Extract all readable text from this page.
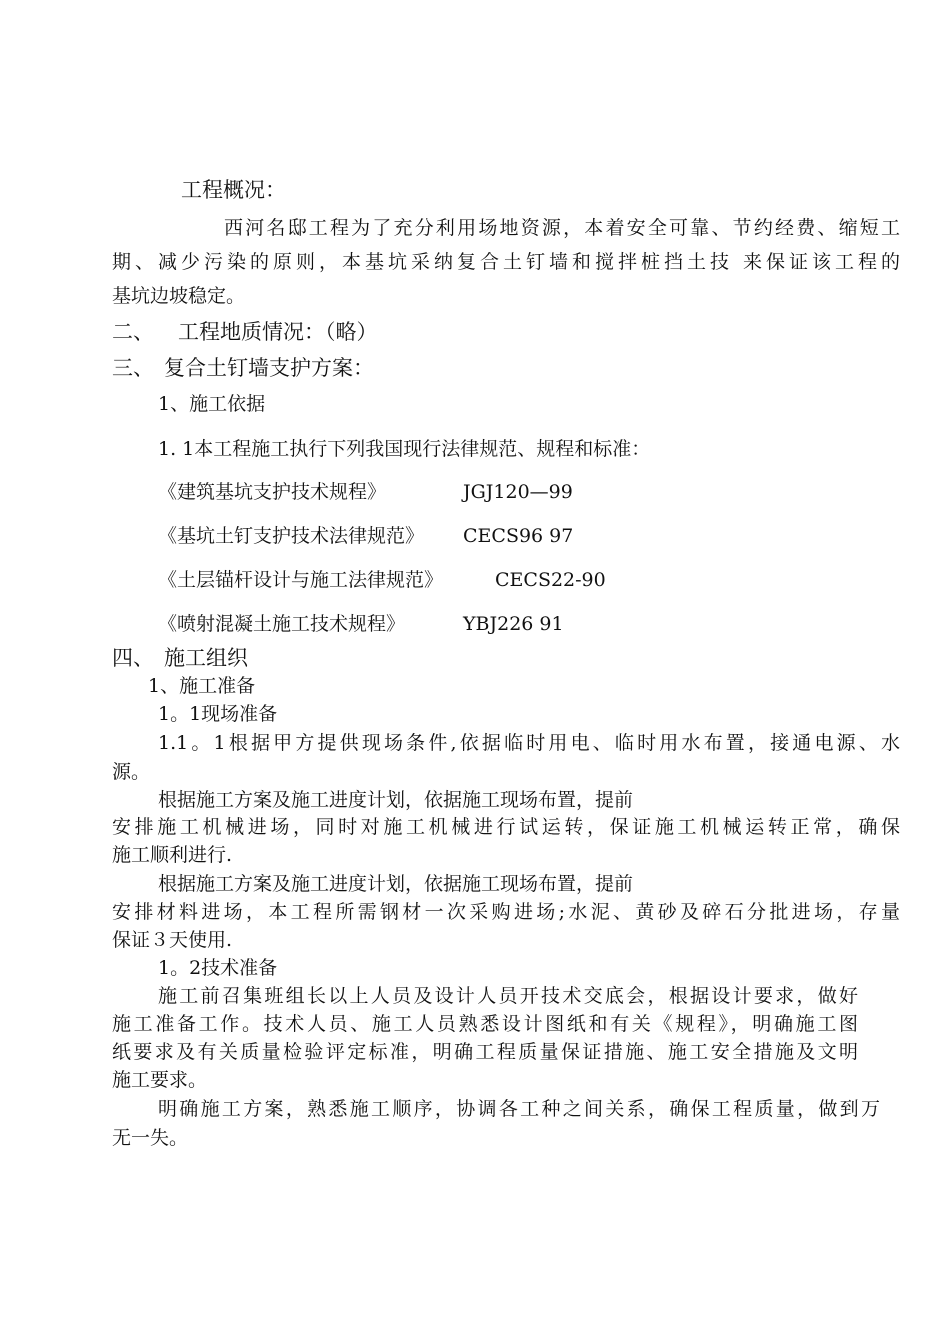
工程概况：
西河名邸工程为了充分利用场地资源，本着安全可靠、节约经费、缩短工
期、减少污染的原则，本基坑采纳复合土钉墙和搅拌桩挡土技 来保证该工程的
基坑边坡稳定。
二、 工程地质情况：（略）
三、 复合土钉墙支护方案：
1、施工依据
1. 1本工程施工执行下列我国现行法律规范、规程和标准：
《建筑基坑支护技术规程》	JGJ120—99
《基坑土钉支护技术法律规范》 CECS96 97
《土层锚杆设计与施工法律规范》	CECS22-90
《喷射混凝土施工技术规程》	YBJ226 91
四、 施工组织
1、施工准备
1。1现场准备
1.1。1根据甲方提供现场条件,依据临时用电、临时用水布置，接通电源、水
源。
根据施工方案及施工进度计划，依据施工现场布置，提前
安排施工机械进场，同时对施工机械进行试运转，保证施工机械运转正常，确保
施工顺利进行.
根据施工方案及施工进度计划，依据施工现场布置，提前
安排材料进场，本工程所需钢材一次采购进场;水泥、黄砂及碎石分批进场，存量
保证３天使用.
1。2技术准备
施工前召集班组长以上人员及设计人员开技术交底会，根据设计要求，做好
施工准备工作。技术人员、施工人员熟悉设计图纸和有关《规程》，明确施工图
纸要求及有关质量检验评定标准，明确工程质量保证措施、施工安全措施及文明
施工要求。
明确施工方案，熟悉施工顺序，协调各工种之间关系，确保工程质量，做到万
无一失。
